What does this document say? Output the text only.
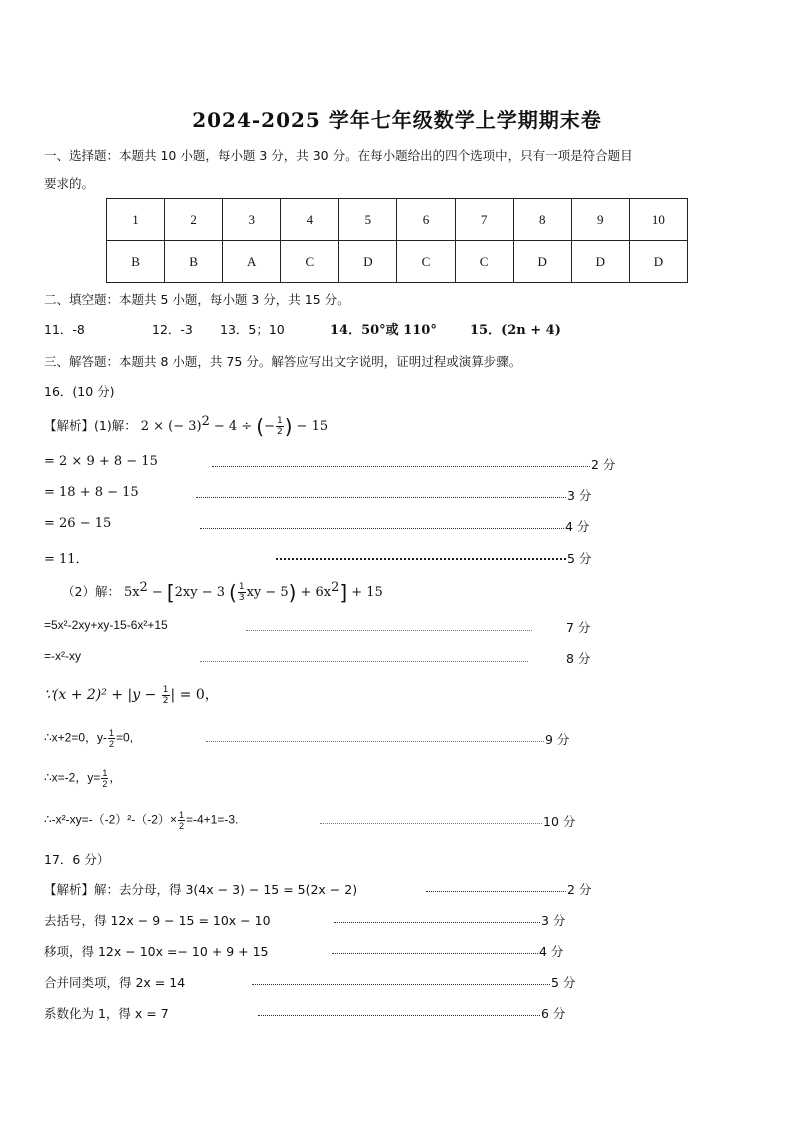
2024-2025 学年七年级数学上学期期末卷
一、选择题：本题共 10 小题，每小题 3 分，共 30 分。在每小题给出的四个选项中，只有一项是符合题目
要求的。
1	2	3	4	5	6	7	8	9	10
B	B	A	C	D	C	C	D	D	D
二、填空题：本题共 5 小题，每小题 3 分，共 15 分。
11．-8	12．-3 13．5；10	14．50°或 110°	15．(2n + 4)
三、解答题：本题共 8 小题，共 75 分。解答应写出文字说明，证明过程或演算步骤。
16．(10 分)
【解析】(1)解： 2 × (− 3)$^2$ − 4 ÷ (− $\frac{1}{2}$ ) − 15
= 2 × 9 + 8 − 15	2 分
= 18 + 8 − 15	3 分
= 26 − 15	4 分
= 11．	5 分
（2）解： $5x^2 - [2xy - 3$ ( $\frac{1}{3}$ xy − $5) + 6x^2] + 15$
=5x²-2xy+xy-15-6x²+15	7 分
=-x²-xy	8 分
∵(x + $2)^2 + |y - \frac{1}{2}$ | = 0，
∴x+2=0，$y- \frac{1}{2} =0$,	9 分
∴x=-2，$y= \frac{1}{2}$ ，
∴-x²-xy=-（-2）²-（-2）× $\frac{1}{2} =-4+1=-3$.	10 分
17．6 分）
【解析】解：去分母，得 3(4x − 3) − 15 = 5(2x − 2)	2 分
去括号，得 12x − 9 − 15 = 10x − 10	3 分
移项，得 12x − 10x =− 10 + 9 + 15	4 分
合并同类项，得 2x = 14	5 分
系数化为 1，得 x = 7	6 分
